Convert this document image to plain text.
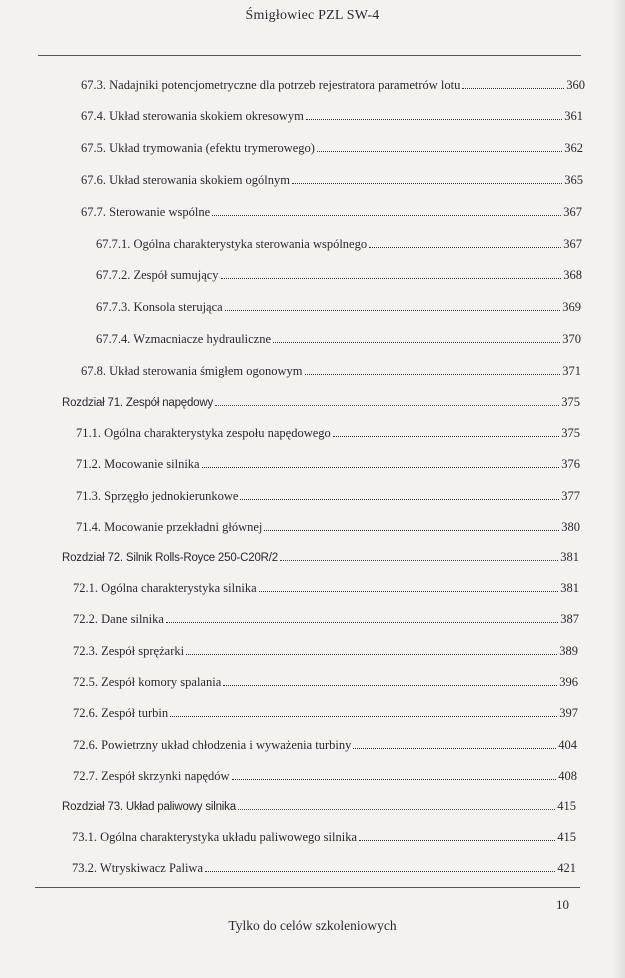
Śmigłowiec PZL SW-4
67.3. Nadajniki potencjometryczne dla potrzeb rejestratora parametrów lotu	360
67.4. Układ sterowania skokiem okresowym	361
67.5. Układ trymowania (efektu trymerowego)	362
67.6. Układ sterowania skokiem ogólnym	365
67.7. Sterowanie wspólne	367
67.7.1. Ogólna charakterystyka sterowania wspólnego	367
67.7.2. Zespół sumujący	368
67.7.3. Konsola sterująca	369
67.7.4. Wzmacniacze hydrauliczne	370
67.8. Układ sterowania śmigłem ogonowym	371
Rozdział 71. Zespół napędowy	375
71.1. Ogólna charakterystyka zespołu napędowego	375
71.2. Mocowanie silnika	376
71.3. Sprzęgło jednokierunkowe	377
71.4. Mocowanie przekładni głównej	380
Rozdział 72. Silnik Rolls-Royce 250-C20R/2	381
72.1. Ogólna charakterystyka silnika	381
72.2. Dane silnika	387
72.3. Zespół sprężarki	389
72.5. Zespół komory spalania	396
72.6. Zespół turbin	397
72.6. Powietrzny układ chłodzenia i wyważenia turbiny	404
72.7. Zespół skrzynki napędów	408
Rozdział 73. Układ paliwowy silnika	415
73.1. Ogólna charakterystyka układu paliwowego silnika	415
73.2. Wtryskiwacz Paliwa	421
10
Tylko do celów szkoleniowych
